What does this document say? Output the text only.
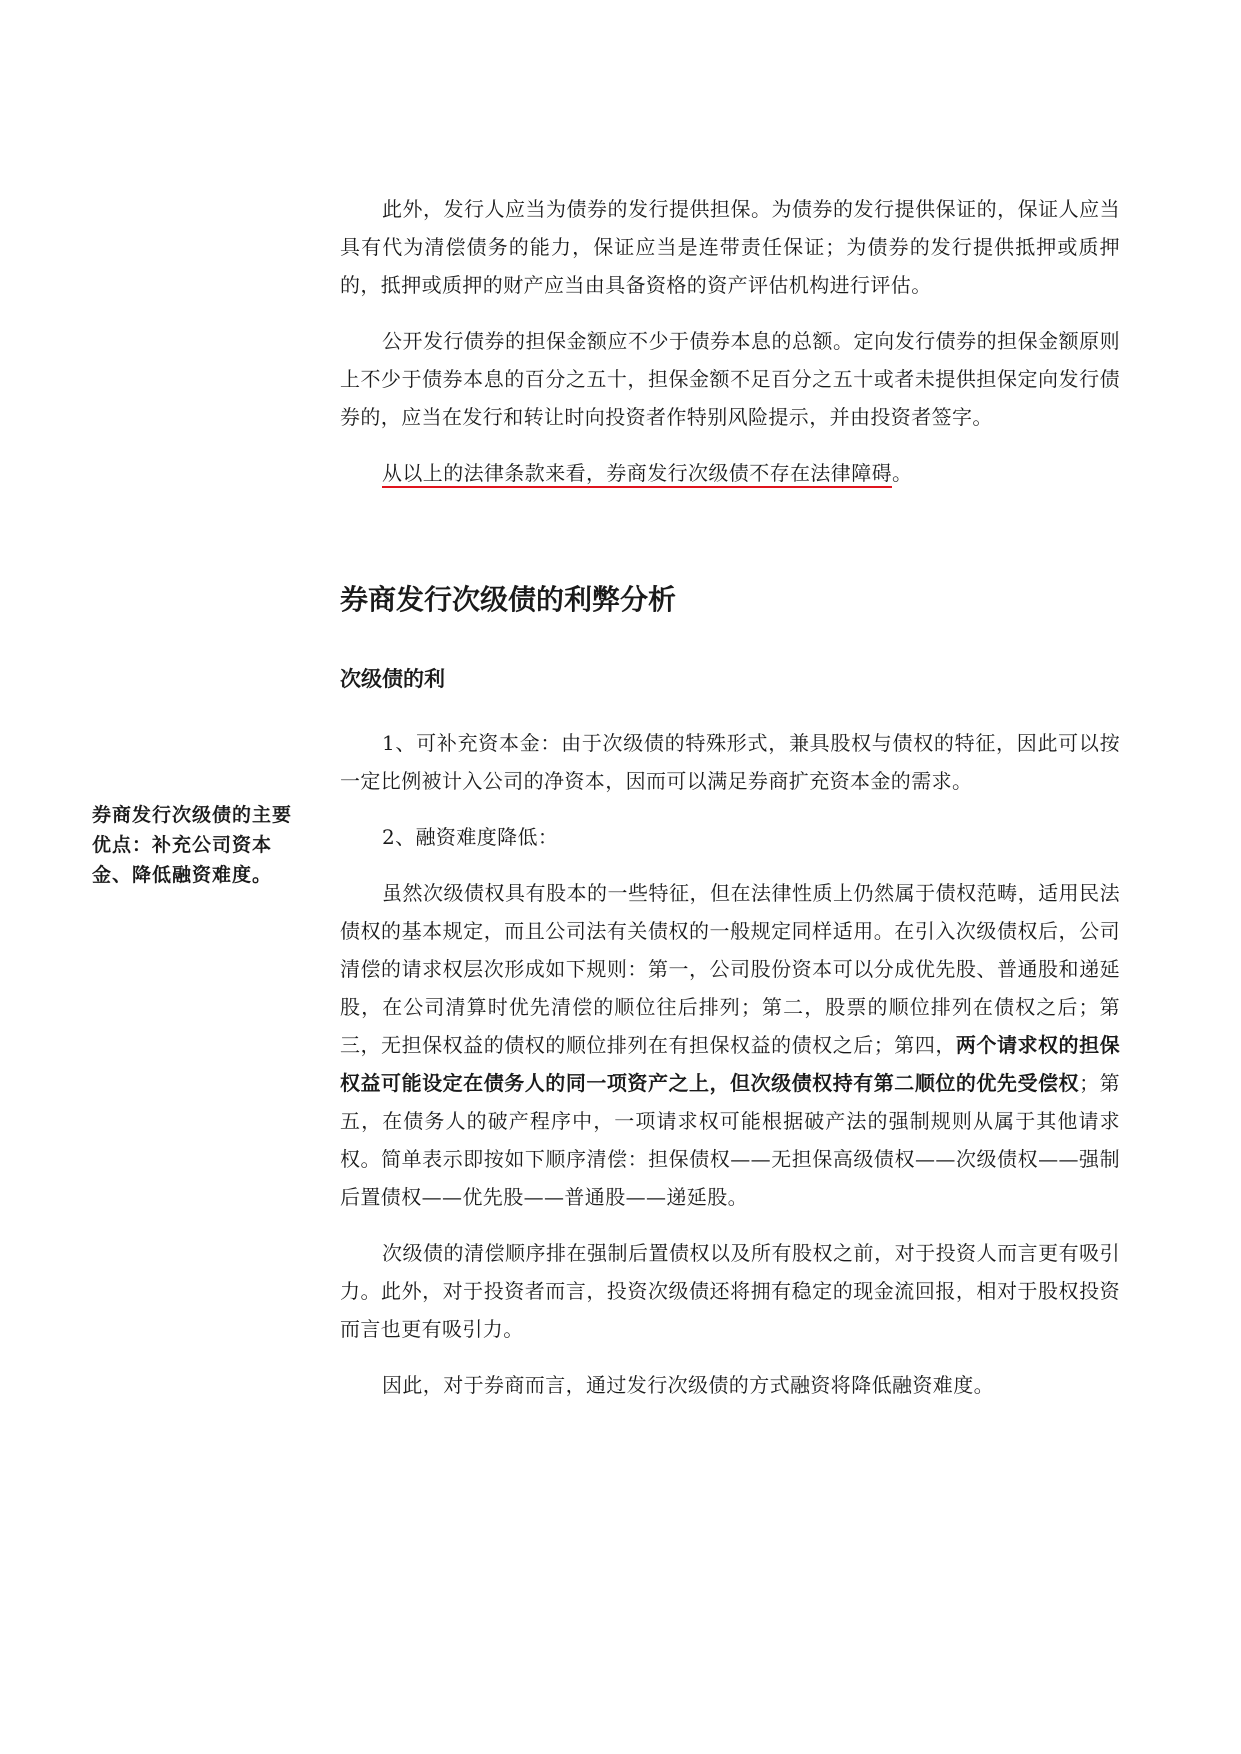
券商发行次级债的主要优点：补充公司资本金、降低融资难度。

此外，发行人应当为债券的发行提供担保。为债券的发行提供保证的，保证人应当具有代为清偿债务的能力，保证应当是连带责任保证；为债券的发行提供抵押或质押的，抵押或质押的财产应当由具备资格的资产评估机构进行评估。

公开发行债券的担保金额应不少于债券本息的总额。定向发行债券的担保金额原则上不少于债券本息的百分之五十，担保金额不足百分之五十或者未提供担保定向发行债券的，应当在发行和转让时向投资者作特别风险提示，并由投资者签字。

从以上的法律条款来看，券商发行次级债不存在法律障碍。

券商发行次级债的利弊分析
次级债的利

1、可补充资本金：由于次级债的特殊形式，兼具股权与债权的特征，因此可以按一定比例被计入公司的净资本，因而可以满足券商扩充资本金的需求。

2、融资难度降低：

虽然次级债权具有股本的一些特征，但在法律性质上仍然属于债权范畴，适用民法债权的基本规定，而且公司法有关债权的一般规定同样适用。在引入次级债权后，公司清偿的请求权层次形成如下规则：第一，公司股份资本可以分成优先股、普通股和递延股，在公司清算时优先清偿的顺位往后排列；第二，股票的顺位排列在债权之后；第三，无担保权益的债权的顺位排列在有担保权益的债权之后；第四，两个请求权的担保权益可能设定在债务人的同一项资产之上，但次级债权持有第二顺位的优先受偿权；第五，在债务人的破产程序中，一项请求权可能根据破产法的强制规则从属于其他请求权。简单表示即按如下顺序清偿：担保债权——无担保高级债权——次级债权——强制后置债权——优先股——普通股——递延股。

次级债的清偿顺序排在强制后置债权以及所有股权之前，对于投资人而言更有吸引力。此外，对于投资者而言，投资次级债还将拥有稳定的现金流回报，相对于股权投资而言也更有吸引力。

因此，对于券商而言，通过发行次级债的方式融资将降低融资难度。
